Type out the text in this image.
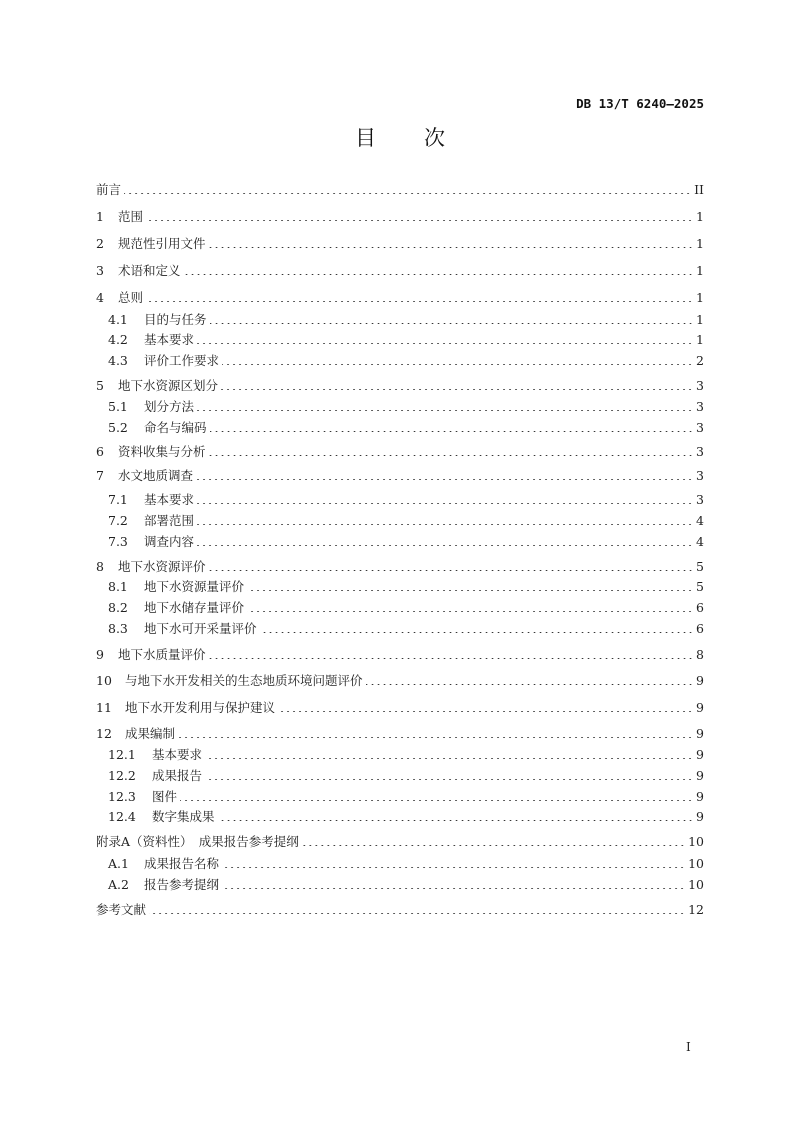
DB 13/T 6240—2025
目 次
前言	II
1	范围	1
2	规范性引用文件	1
3	术语和定义	1
4	总则	1
4.1	目的与任务	1
4.2	基本要求	1
4.3	评价工作要求	2
5	地下水资源区划分	3
5.1	划分方法	3
5.2	命名与编码	3
6	资料收集与分析	3
7	水文地质调查	3
7.1	基本要求	3
7.2	部署范围	4
7.3	调查内容	4
8	地下水资源评价	5
8.1	地下水资源量评价	5
8.2	地下水储存量评价	6
8.3	地下水可开采量评价	6
9	地下水质量评价	8
10	与地下水开发相关的生态地质环境问题评价	9
11	地下水开发利用与保护建议	9
12	成果编制	9
12.1	基本要求	9
12.2	成果报告	9
12.3	图件	9
12.4	数字集成果	9
附录A（资料性）　成果报告参考提纲	10
A.1	成果报告名称	10
A.2	报告参考提纲	10
参考文献	12
I
